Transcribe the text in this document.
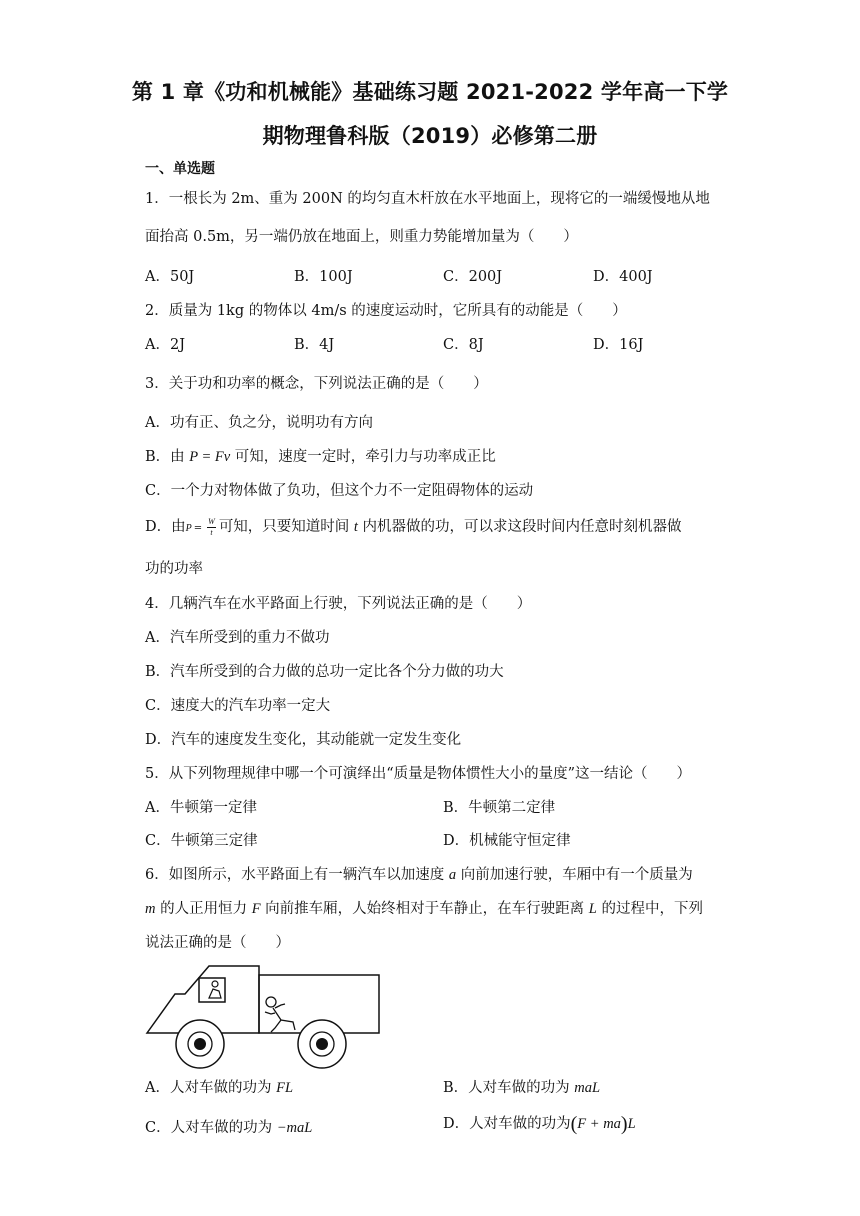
第 1 章《功和机械能》基础练习题 2021-2022 学年高一下学
期物理鲁科版（2019）必修第二册
一、单选题
1．一根长为 2m、重为 200N 的均匀直木杆放在水平地面上，现将它的一端缓慢地从地
面抬高 0.5m，另一端仍放在地面上，则重力势能增加量为（　　）
A．50J	B．100J	C．200J	D．400J
2．质量为 1kg 的物体以 4m/s 的速度运动时，它所具有的动能是（　　）
A．2J	B．4J	C．8J	D．16J
3．关于功和功率的概念，下列说法正确的是（　　）
A．功有正、负之分，说明功有方向
B．由 P = Fv 可知，速度一定时，牵引力与功率成正比
C．一个力对物体做了负功，但这个力不一定阻碍物体的运动
D．由$P = \frac{W}{t}$ 可知，只要知道时间 t 内机器做的功，可以求这段时间内任意时刻机器做
功的功率
4．几辆汽车在水平路面上行驶，下列说法正确的是（　　）
A．汽车所受到的重力不做功
B．汽车所受到的合力做的总功一定比各个分力做的功大
C．速度大的汽车功率一定大
D．汽车的速度发生变化，其动能就一定发生变化
5．从下列物理规律中哪一个可演绎出“质量是物体惯性大小的量度”这一结论（　　）
A．牛顿第一定律	B．牛顿第二定律
C．牛顿第三定律	D．机械能守恒定律
6．如图所示，水平路面上有一辆汽车以加速度 a 向前加速行驶，车厢中有一个质量为
m 的人正用恒力 F 向前推车厢，人始终相对于车静止，在车行驶距离 L 的过程中，下列
说法正确的是（　　）
A．人对车做的功为 FL	B．人对车做的功为 maL
C．人对车做的功为 −maL	D．人对车做的功为(F + ma)L
